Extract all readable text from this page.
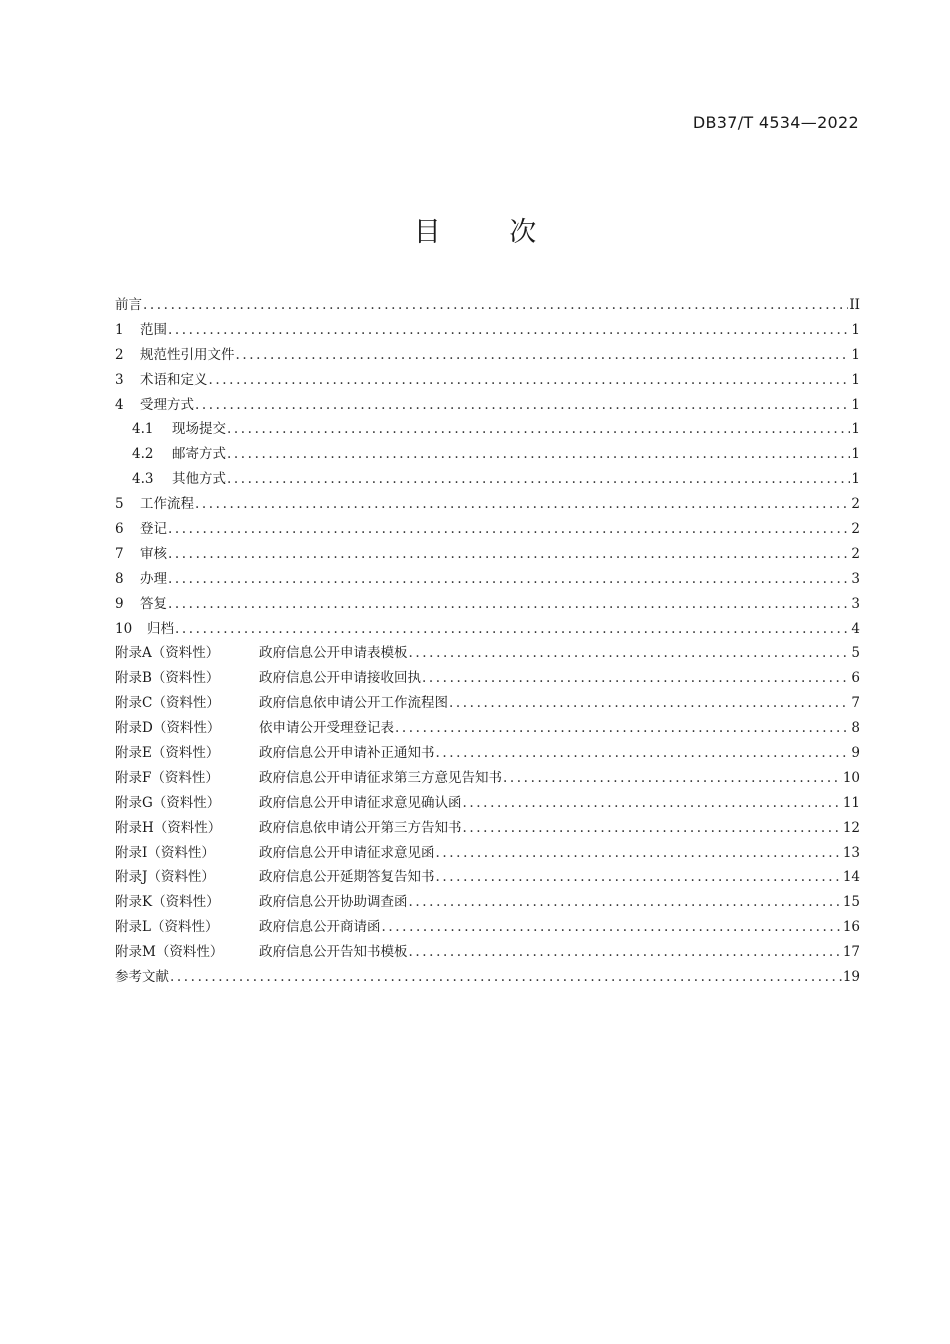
DB37/T 4534—2022
目 次
前言 .....	II
1	范围 .....	1
2	规范性引用文件 .....	1
3	术语和定义 .....	1
4	受理方式 .....	1
4.1	现场提交 .....	1
4.2	邮寄方式 .....	1
4.3	其他方式 .....	1
5	工作流程 .....	2
6	登记 .....	2
7	审核 .....	2
8	办理 .....	3
9	答复 .....	3
10	归档 .....	4
附录A（资料性）	政府信息公开申请表模板 .....	5
附录B（资料性）	政府信息公开申请接收回执 .....	6
附录C（资料性）	政府信息依申请公开工作流程图 .....	7
附录D（资料性）	依申请公开受理登记表 .....	8
附录E（资料性）	政府信息公开申请补正通知书 .....	9
附录F（资料性）	政府信息公开申请征求第三方意见告知书 .....	10
附录G（资料性）	政府信息公开申请征求意见确认函 .....	11
附录H（资料性）	政府信息依申请公开第三方告知书 .....	12
附录I（资料性）	政府信息公开申请征求意见函 .....	13
附录J（资料性）	政府信息公开延期答复告知书 .....	14
附录K（资料性）	政府信息公开协助调查函 .....	15
附录L（资料性）	政府信息公开商请函 .....	16
附录M（资料性）	政府信息公开告知书模板 .....	17
参考文献 .....	19
